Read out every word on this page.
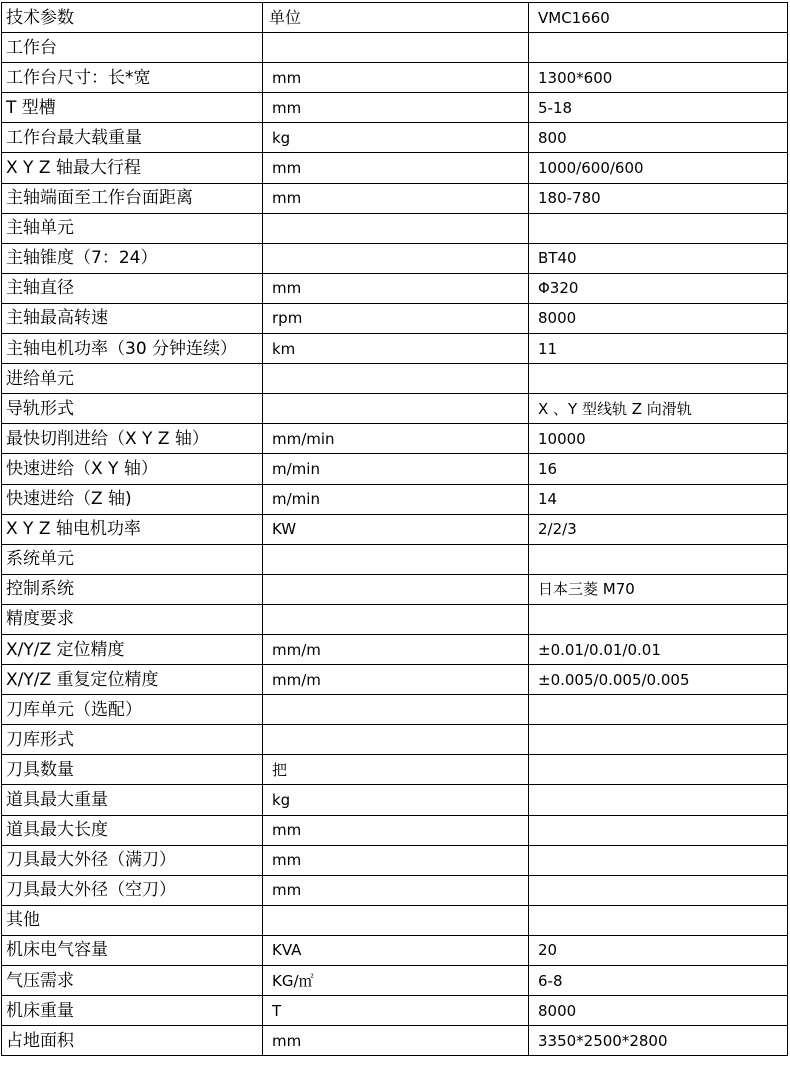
技术参数	单位	VMC1660
工作台		
工作台尺寸：长*宽	mm	1300*600
T 型槽	mm	5-18
工作台最大载重量	kg	800
X Y Z 轴最大行程	mm	1000/600/600
主轴端面至工作台面距离	mm	180-780
主轴单元		
主轴锥度（7：24）		BT40
主轴直径	mm	Φ320
主轴最高转速	rpm	8000
主轴电机功率（30 分钟连续）	km	11
进给单元		
导轨形式		X 、Y 型线轨 Z 向滑轨
最快切削进给（X Y Z 轴）	mm/min	10000
快速进给（X Y 轴）	m/min	16
快速进给（Z 轴)	m/min	14
X Y Z 轴电机功率	KW	2/2/3
系统单元		
控制系统		日本三菱 M70
精度要求		
X/Y/Z 定位精度	mm/m	±0.01/0.01/0.01
X/Y/Z 重复定位精度	mm/m	±0.005/0.005/0.005
刀库单元（选配）		
刀库形式		
刀具数量	把	
道具最大重量	kg	
道具最大长度	mm	
刀具最大外径（满刀）	mm	
刀具最大外径（空刀）	mm	
其他		
机床电气容量	KVA	20
气压需求	KG/㎡	6-8
机床重量	T	8000
占地面积	mm	3350*2500*2800
